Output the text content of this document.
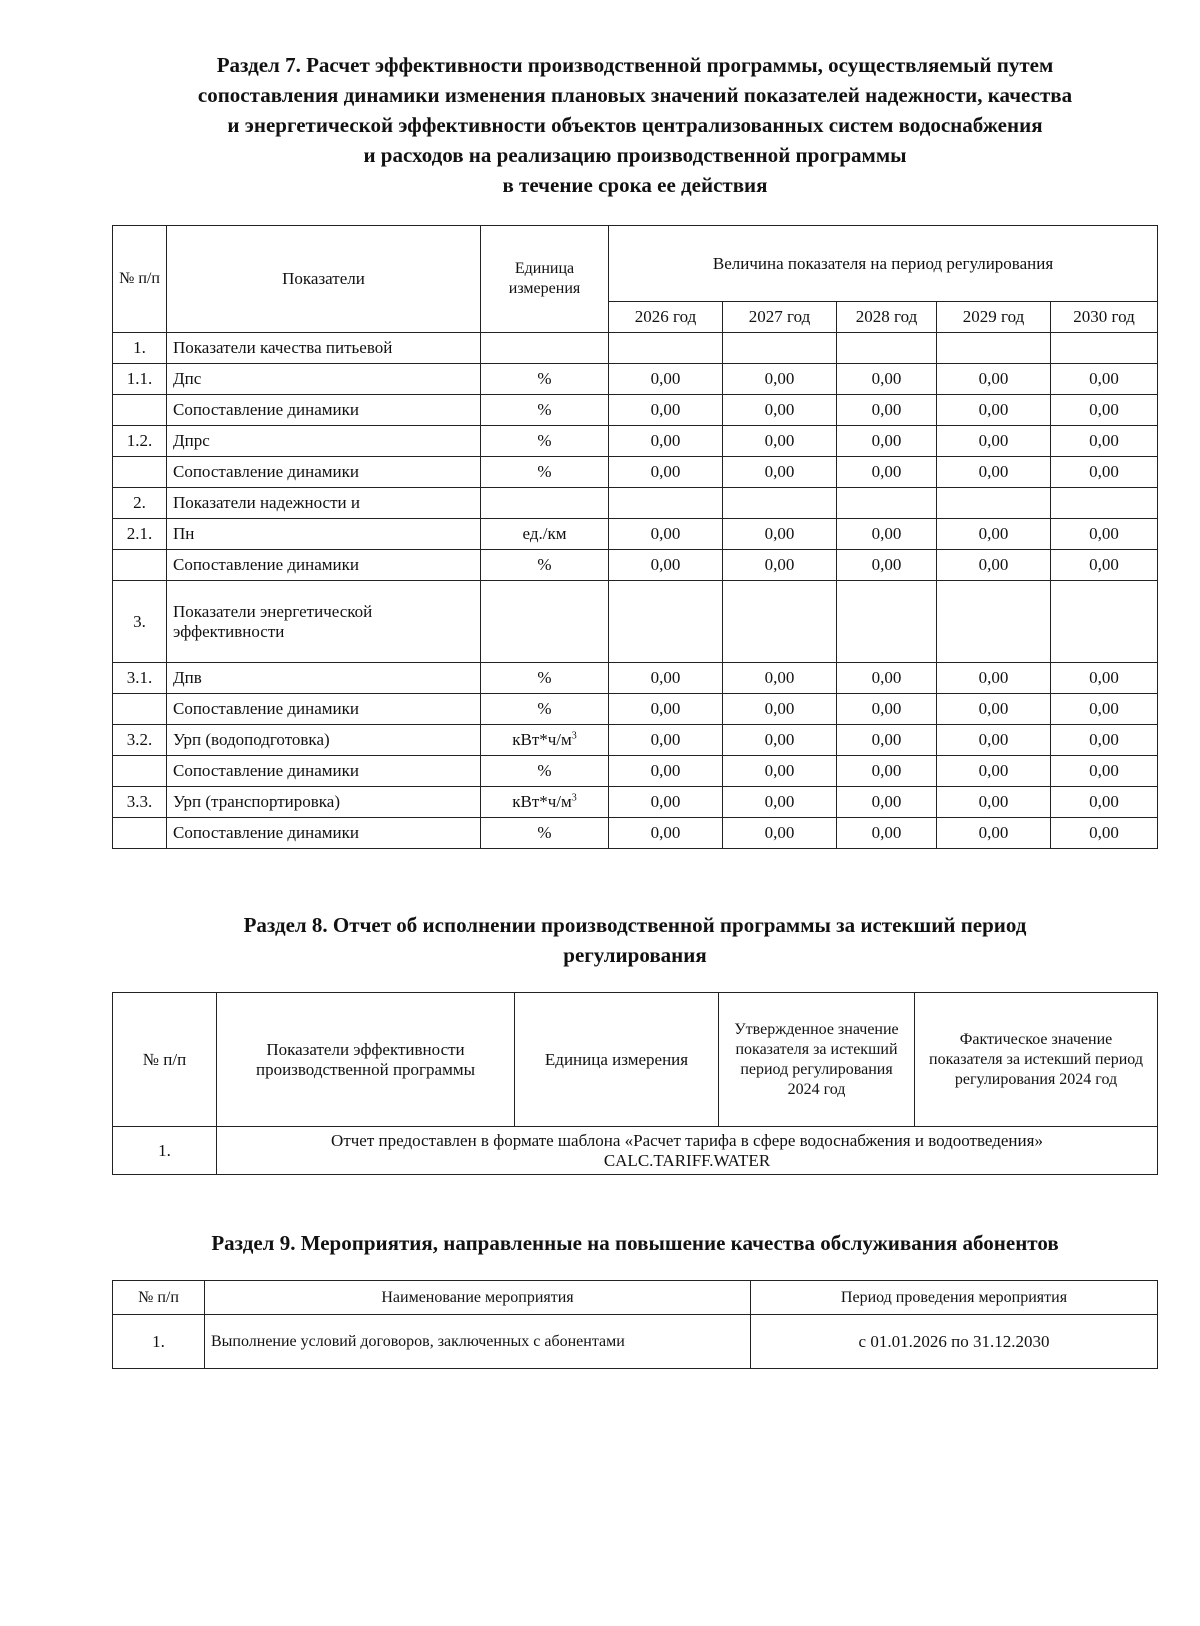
Раздел 7. Расчет эффективности производственной программы, осуществляемый путем
сопоставления динамики изменения плановых значений показателей надежности, качества
и энергетической эффективности объектов централизованных систем водоснабжения
и расходов на реализацию производственной программы
в течение срока ее действия
№ п/п	Показатели	Единица измерения	Величина показателя на период регулирования				
			2026 год	2027 год	2028 год	2029 год	2030 год
1.	Показатели качества питьевой						
1.1.	Дпс	%	0,00	0,00	0,00	0,00	0,00
	Сопоставление динамики	%	0,00	0,00	0,00	0,00	0,00
1.2.	Дпрс	%	0,00	0,00	0,00	0,00	0,00
	Сопоставление динамики	%	0,00	0,00	0,00	0,00	0,00
2.	Показатели надежности и						
2.1.	Пн	ед./км	0,00	0,00	0,00	0,00	0,00
	Сопоставление динамики	%	0,00	0,00	0,00	0,00	0,00
3.	Показатели энергетической эффективности						
3.1.	Дпв	%	0,00	0,00	0,00	0,00	0,00
	Сопоставление динамики	%	0,00	0,00	0,00	0,00	0,00
3.2.	Урп (водоподготовка)	$кВт*ч/м^3$	0,00	0,00	0,00	0,00	0,00
	Сопоставление динамики	%	0,00	0,00	0,00	0,00	0,00
3.3.	Урп (транспортировка)	$кВт*ч/м^3$	0,00	0,00	0,00	0,00	0,00
	Сопоставление динамики	%	0,00	0,00	0,00	0,00	0,00
Раздел 8. Отчет об исполнении производственной программы за истекший период
регулирования
№ п/п	Показатели эффективности производственной программы	Единица измерения	Утвержденное значение показателя за истекший период регулирования 2024 год	Фактическое значение показателя за истекший период регулирования 2024 год
1.	Отчет предоставлен в формате шаблона «Расчет тарифа в сфере водоснабжения и водоотведения»
CALC.TARIFF.WATER			
Раздел 9. Мероприятия, направленные на повышение качества обслуживания абонентов
№ п/п	Наименование мероприятия	Период проведения мероприятия
1.	Выполнение условий договоров, заключенных с абонентами	с 01.01.2026 по 31.12.2030
